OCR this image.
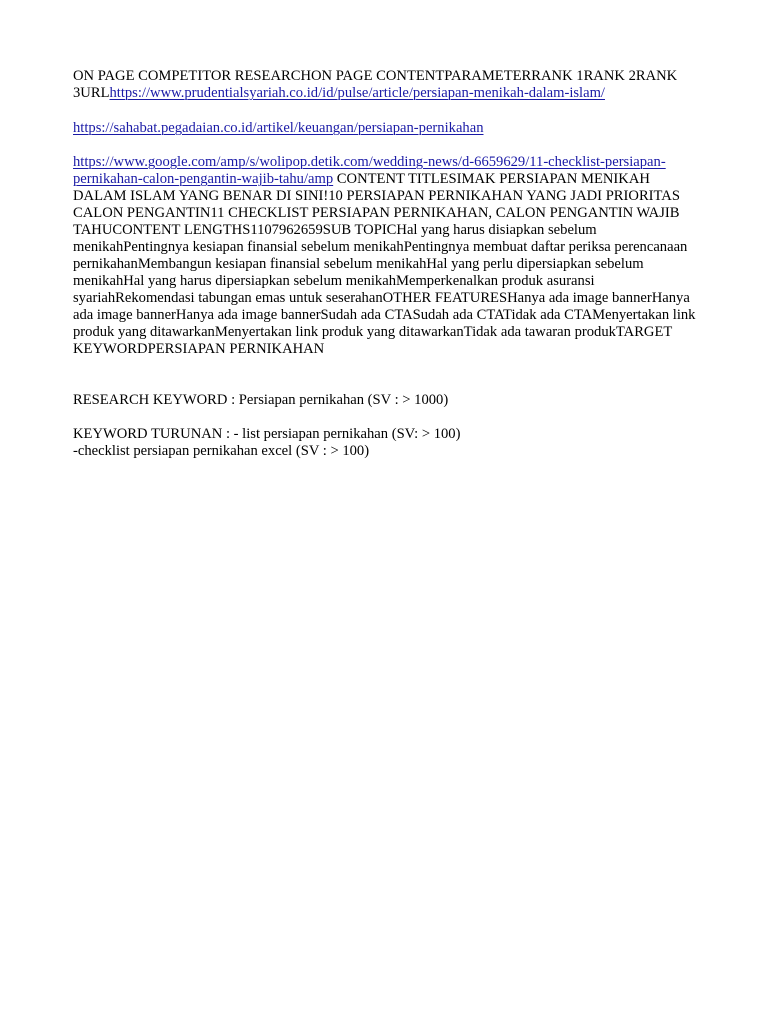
ON PAGE COMPETITOR RESEARCHON PAGE CONTENTPARAMETERRANK 1RANK 2RANK 3URLhttps://www.prudentialsyariah.co.id/id/pulse/article/persiapan-menikah-dalam-islam/

https://sahabat.pegadaian.co.id/artikel/keuangan/persiapan-pernikahan

https://www.google.com/amp/s/wolipop.detik.com/wedding-news/d-6659629/11-checklist-persiapan-pernikahan-calon-pengantin-wajib-tahu/amp CONTENT TITLESIMAK PERSIAPAN MENIKAH DALAM ISLAM YANG BENAR DI SINI!10 PERSIAPAN PERNIKAHAN YANG JADI PRIORITAS CALON PENGANTIN11 CHECKLIST PERSIAPAN PERNIKAHAN, CALON PENGANTIN WAJIB TAHUCONTENT LENGTHS1107962659SUB TOPICHal yang harus disiapkan sebelum menikahPentingnya kesiapan finansial sebelum menikahPentingnya membuat daftar periksa perencanaan pernikahanMembangun kesiapan finansial sebelum menikahHal yang perlu dipersiapkan sebelum menikahHal yang harus dipersiapkan sebelum menikahMemperkenalkan produk asuransi syariahRekomendasi tabungan emas untuk seserahanOTHER FEATURESHanya ada image bannerHanya ada image bannerHanya ada image bannerSudah ada CTASudah ada CTATidak ada CTAMenyertakan link produk yang ditawarkanMenyertakan link produk yang ditawarkanTidak ada tawaran produkTARGET KEYWORDPERSIAPAN PERNIKAHAN

RESEARCH KEYWORD : Persiapan pernikahan (SV : > 1000)

KEYWORD TURUNAN : - list persiapan pernikahan (SV: > 100)

-checklist persiapan pernikahan excel (SV : > 100)
